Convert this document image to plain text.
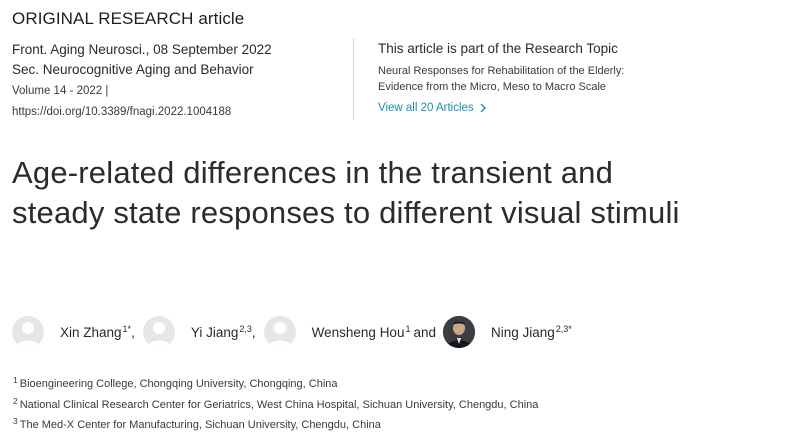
ORIGINAL RESEARCH article
Front. Aging Neurosci., 08 September 2022
Sec. Neurocognitive Aging and Behavior
Volume 14 - 2022 |
https://doi.org/10.3389/fnagi.2022.1004188
This article is part of the Research Topic
Neural Responses for Rehabilitation of the Elderly: Evidence from the Micro, Meso to Macro Scale
View all 20 Articles
Age-related differences in the transient and steady state responses to different visual stimuli
Xin Zhang$^{1*}$ ,	Yi Jiang$^{2,3}$ ,	Wensheng Hou$^1$ and	Ning Jiang$^{2,3*}$
$^1$ Bioengineering College, Chongqing University, Chongqing, China
$^2$ National Clinical Research Center for Geriatrics, West China Hospital, Sichuan University, Chengdu, China
$^3$ The Med-X Center for Manufacturing, Sichuan University, Chengdu, China
